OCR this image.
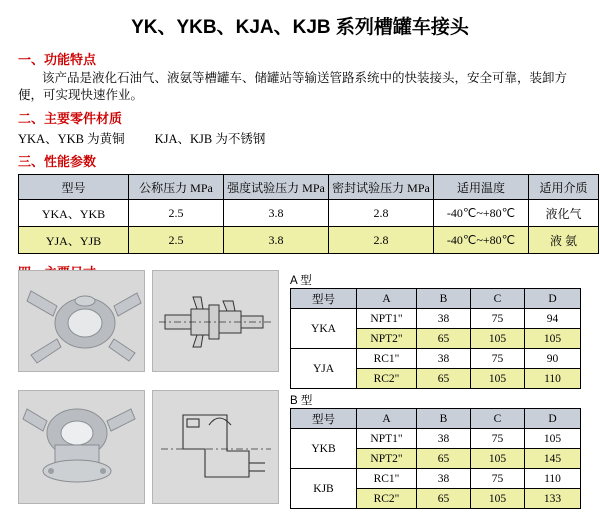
YK、YKB、KJA、KJB 系列槽罐车接头
一、功能特点
该产品是液化石油气、液氨等槽罐车、储罐站等输送管路系统中的快装接头，安全可靠，装卸方便，可实现快速作业。
二、主要零件材质
YKA、YKB 为黄铜 KJA、KJB 为不锈钢
三、性能参数
型号	公称压力 MPa	强度试验压力 MPa	密封试验压力 MPa	适用温度	适用介质
YKA、YKB	2.5	3.8	2.8	-40℃~+80℃	液化气
YJA、YJB	2.5	3.8	2.8	-40℃~+80℃	液 氨
A 型
型号	A	B	C	D
YKA	NPT1"	38	75	94
	NPT2"	65	105	105
YJA	RC1"	38	75	90
	RC2"	65	105	110
B 型
型号	A	B	C	D
YKB	NPT1"	38	75	105
	NPT2"	65	105	145
KJB	RC1"	38	75	110
	RC2"	65	105	133
